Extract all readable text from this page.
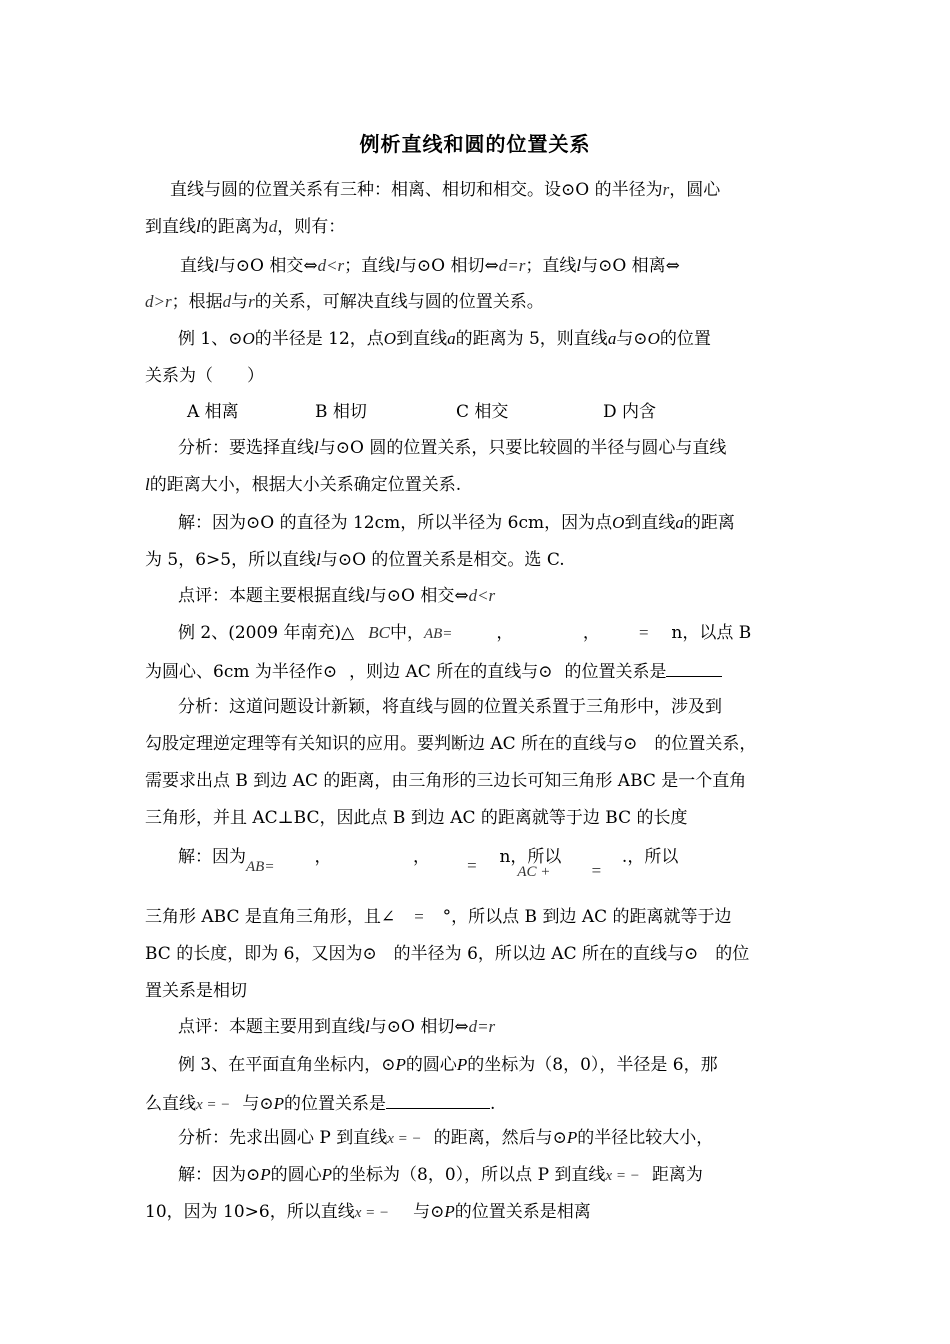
例析直线和圆的位置关系
直线与圆的位置关系有三种：相离、相切和相交。设⊙O 的半径为r，圆心
到直线l的距离为d，则有：
直线l与⊙O 相交⇔d<r；直线l与⊙O 相切⇔d=r；直线l与⊙O 相离⇔
d>r；根据d与r的关系，可解决直线与圆的位置关系。
例 1、⊙O的半径是 12，点O到直线a的距离为 5，则直线a与⊙O的位置
关系为（　　）
A 相离	B 相切	C 相交	D 内含
分析：要选择直线l与⊙O 圆的位置关系，只要比较圆的半径与圆心与直线
l的距离大小，根据大小关系确定位置关系.
解：因为⊙O 的直径为 12cm，所以半径为 6cm，因为点O到直线a的距离
为 5，6>5，所以直线l与⊙O 的位置关系是相交。选 C.
点评：本题主要根据直线l与⊙O 相交⇔d<r
例 2、(2009 年南充)△ BC中，AB=	，	， = n，以点 B
为圆心、6cm 为半径作⊙ ，则边 AC 所在的直线与⊙ 的位置关系是
分析：这道问题设计新颖，将直线与圆的位置关系置于三角形中，涉及到
勾股定理逆定理等有关知识的应用。要判断边 AC 所在的直线与⊙　的位置关系，
需要求出点 B 到边 AC 的距离，由三角形的三边长可知三角形 ABC 是一个直角
三角形，并且 AC⊥BC，因此点 B 到边 AC 的距离就等于边 BC 的长度
解：因为AB= ，	， = n，所以AC + =.，所以
三角形 ABC 是直角三角形，且∠ = °，所以点 B 到边 AC 的距离就等于边
BC 的长度，即为 6，又因为⊙　的半径为 6，所以边 AC 所在的直线与⊙　的位
置关系是相切
点评：本题主要用到直线l与⊙O 相切⇔d=r
例 3、在平面直角坐标内，⊙P的圆心P的坐标为（8，0），半径是 6，那
么直线x = − 与⊙P的位置关系是	.
分析：先求出圆心 P 到直线x = − 的距离，然后与⊙P的半径比较大小，
解：因为⊙P的圆心P的坐标为（8，0），所以点 P 到直线x = − 距离为
10，因为 10>6，所以直线x = − 与⊙P的位置关系是相离
